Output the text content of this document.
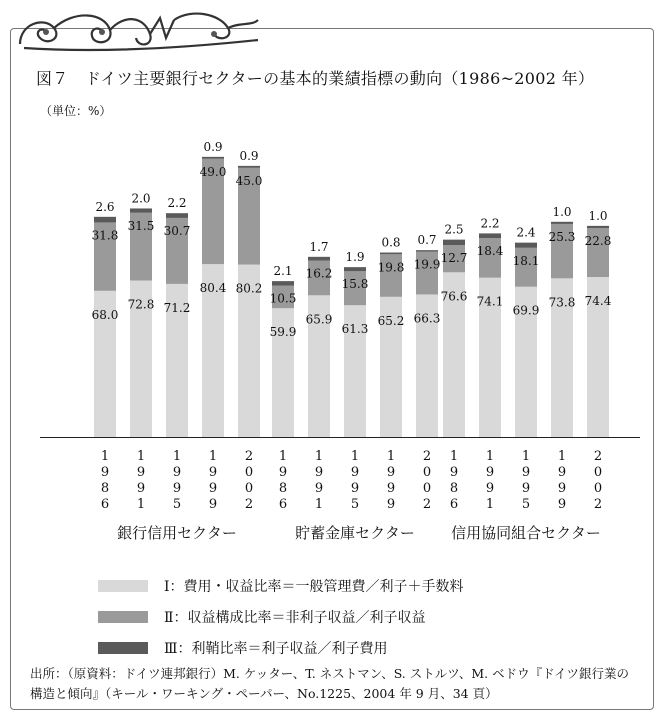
図７　ドイツ主要銀行セクターの基本的業績指標の動向（1986~2002 年）
（単位：%）
68.0
31.8
2.6
1
9
8
6
72.8
31.5
2.0
1
9
9
1
71.2
30.7
2.2
1
9
9
5
80.4
49.0
0.9
1
9
9
9
80.2
45.0
0.9
2
0
0
2
銀行信用セクター
59.9
10.5
2.1
1
9
8
6
65.9
16.2
1.7
1
9
9
1
61.3
15.8
1.9
1
9
9
5
65.2
19.8
0.8
1
9
9
9
66.3
19.9
0.7
2
0
0
2
貯蓄金庫セクター
76.6
12.7
2.5
1
9
8
6
74.1
18.4
2.2
1
9
9
1
69.9
18.1
2.4
1
9
9
5
73.8
25.3
1.0
1
9
9
9
74.4
22.8
1.0
2
0
0
2
信用協同組合セクター
Ⅰ：費用・収益比率＝一般管理費／利子＋手数料
Ⅱ：収益構成比率＝非利子収益／利子収益
Ⅲ：利鞘比率＝利子収益／利子費用
出所：（原資料：ドイツ連邦銀行）M. ケッター、T. ネストマン、S. ストルツ、M. ベドウ『ドイツ銀行業の構造と傾向』（キール・ワーキング・ペーパー、No.1225、2004 年 9 月、34 頁）
